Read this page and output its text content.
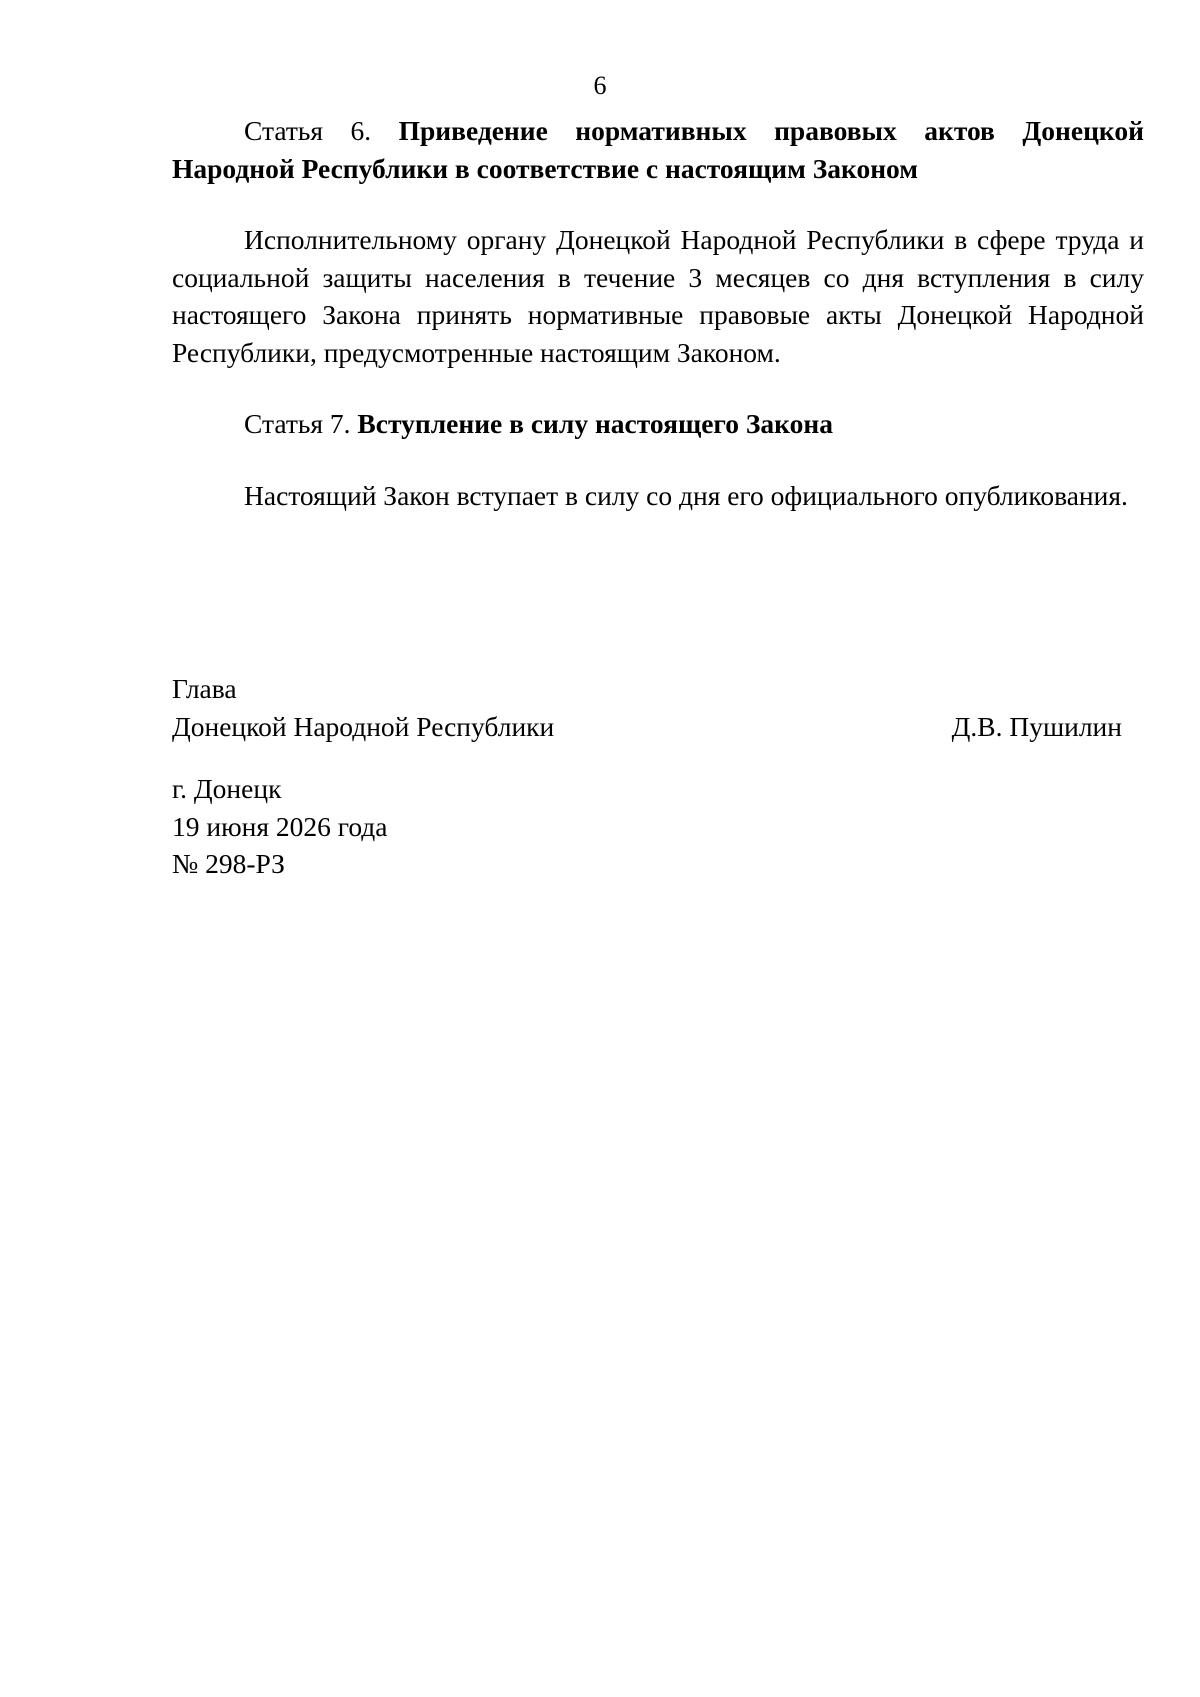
6

Статья 6. Приведение нормативных правовых актов Донецкой Народной Республики в соответствие с настоящим Законом

Исполнительному органу Донецкой Народной Республики в сфере труда и социальной защиты населения в течение 3 месяцев со дня вступления в силу настоящего Закона принять нормативные правовые акты Донецкой Народной Республики, предусмотренные настоящим Законом.

Статья 7. Вступление в силу настоящего Закона

Настоящий Закон вступает в силу со дня его официального опубликования.

Глава
Донецкой Народной Республики	Д.В. Пушилин
г. Донецк
19 июня 2026 года
№ 298-РЗ
